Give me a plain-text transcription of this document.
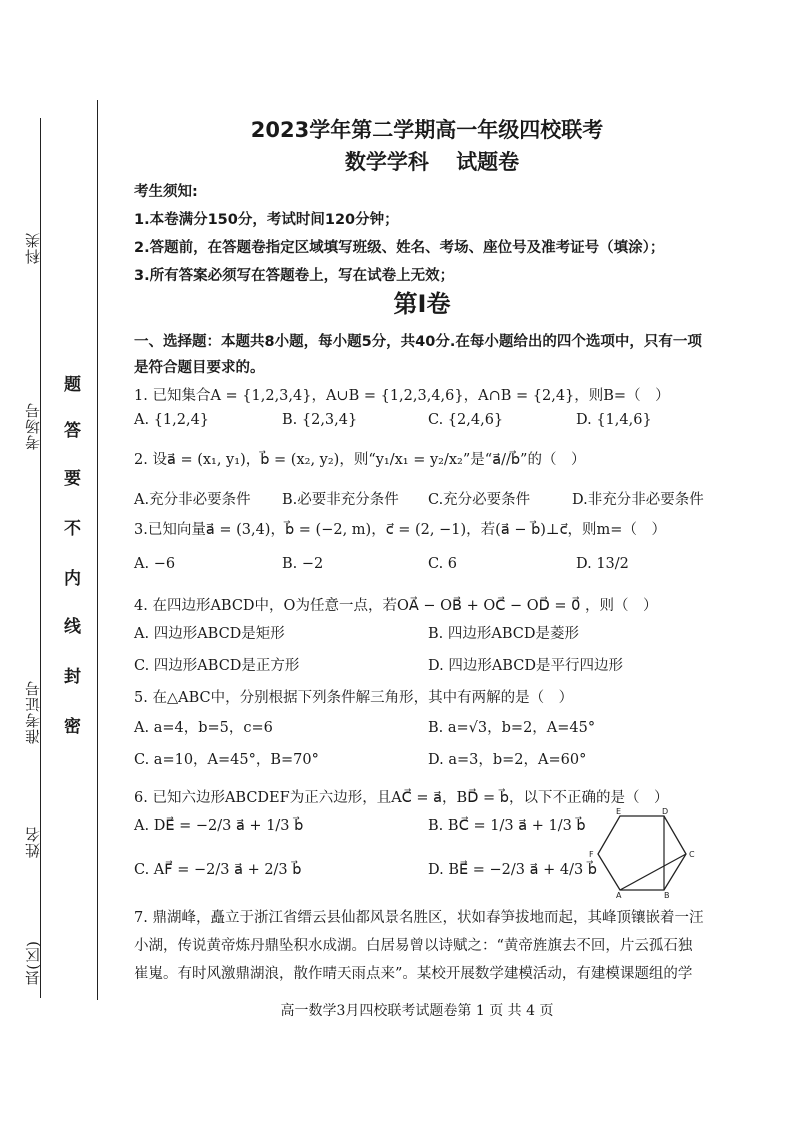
科类
考场号
准考证号
姓名
县(区)
题
答
要
不
内
线
封
密
2023学年第二学期高一年级四校联考
数学学科 试题卷
考生须知:
1.本卷满分150分，考试时间120分钟；
2.答题前，在答题卷指定区域填写班级、姓名、考场、座位号及准考证号（填涂）；
3.所有答案必须写在答题卷上，写在试卷上无效；
第Ⅰ卷
一、选择题：本题共8小题，每小题5分，共40分.在每小题给出的四个选项中，只有一项
是符合题目要求的。
1. 已知集合A = {1,2,3,4}，A∪B = {1,2,3,4,6}，A∩B = {2,4}，则B=（　）
A. {1,2,4}	B. {2,3,4}	C. {2,4,6}	D. {1,4,6}
2. 设a⃗ = (x₁, y₁)，b⃗ = (x₂, y₂)，则“y₁/x₁ = y₂/x₂”是“a⃗//b⃗”的（　）
A.充分非必要条件 B.必要非充分条件 C.充分必要条件	D.非充分非必要条件
3.已知向量a⃗ = (3,4)，b⃗ = (−2, m)，c⃗ = (2, −1)，若(a⃗ − b⃗)⊥c⃗，则m=（　）
A. −6	B. −2	C. 6	D. 13/2
4. 在四边形ABCD中，O为任意一点，若OA⃗ − OB⃗ + OC⃗ − OD⃗ = 0⃗ ，则（　）
A. 四边形ABCD是矩形	B. 四边形ABCD是菱形
C. 四边形ABCD是正方形	D. 四边形ABCD是平行四边形
5. 在△ABC中，分别根据下列条件解三角形，其中有两解的是（　）
A. a=4，b=5，c=6	B. a=√3，b=2，A=45°
C. a=10，A=45°，B=70°	D. a=3，b=2，A=60°
6. 已知六边形ABCDEF为正六边形，且AC⃗ = a⃗，BD⃗ = b⃗，以下不正确的是（　）
A. DE⃗ = −2/3 a⃗ + 1/3 b⃗	B. BC⃗ = 1/3 a⃗ + 1/3 b⃗
C. AF⃗ = −2/3 a⃗ + 2/3 b⃗	D. BE⃗ = −2/3 a⃗ + 4/3 b⃗
E	D
F	C
A	B
7. 鼎湖峰，矗立于浙江省缙云县仙都风景名胜区，状如春笋拔地而起，其峰顶镶嵌着一汪
小湖，传说黄帝炼丹鼎坠积水成湖。白居易曾以诗赋之：“黄帝旌旗去不回，片云孤石独
崔嵬。有时风激鼎湖浪，散作晴天雨点来”。某校开展数学建模活动，有建模课题组的学
高一数学3月四校联考试题卷第 1 页 共 4 页
